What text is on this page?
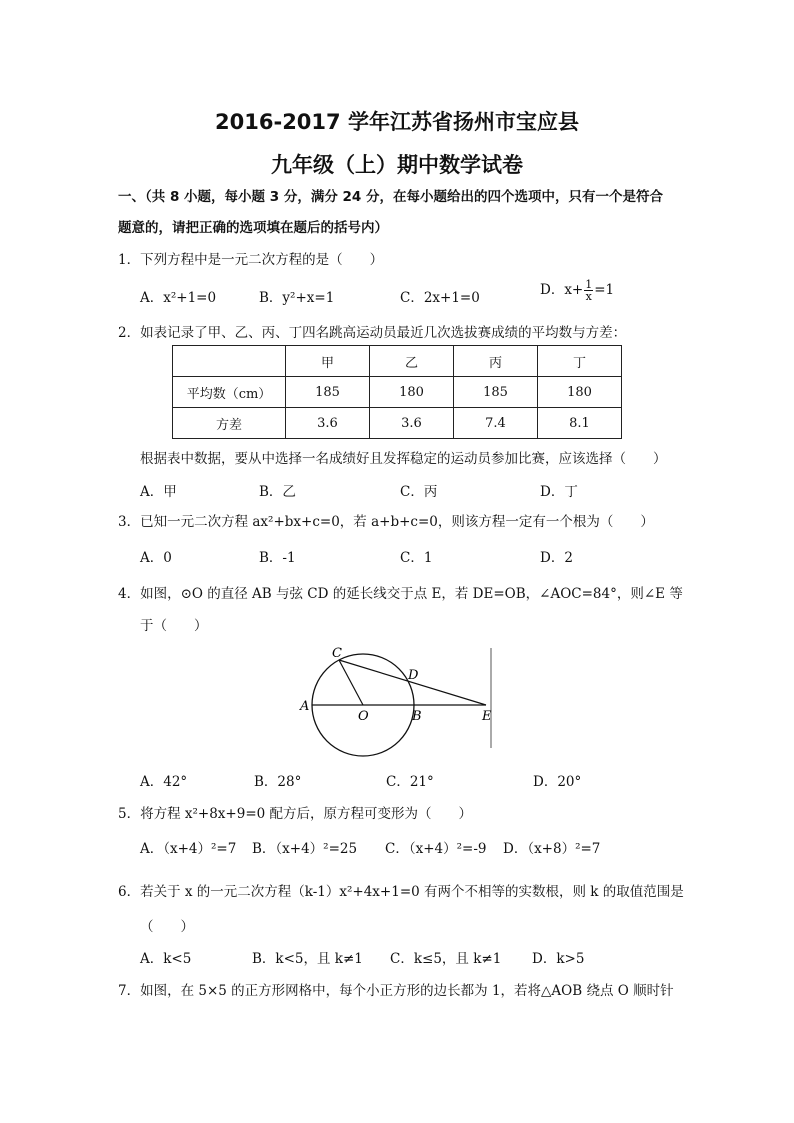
2016-2017 学年江苏省扬州市宝应县
九年级（上）期中数学试卷
一、（共 8 小题，每小题 3 分，满分 24 分，在每小题给出的四个选项中，只有一个是符合
题意的，请把正确的选项填在题后的括号内）
1．下列方程中是一元二次方程的是（　　）
A．x²+1=0	B．y²+x=1	C．2x+1=0	D．$x+ \frac{1}{x} =1$
2．如表记录了甲、乙、丙、丁四名跳高运动员最近几次选拔赛成绩的平均数与方差：
	甲	乙	丙	丁
平均数（cm）	185	180	185	180
方差	3.6	3.6	7.4	8.1
根据表中数据，要从中选择一名成绩好且发挥稳定的运动员参加比赛，应该选择（　　）
A．甲	B．乙	C．丙	D．丁
3．已知一元二次方程 ax²+bx+c=0，若 a+b+c=0，则该方程一定有一个根为（　　）
A．0	B．-1	C．1	D．2
4．如图，⊙O 的直径 AB 与弦 CD 的延长线交于点 E，若 DE=OB，∠AOC=84°，则∠E 等
于（　　）
C
D
A
O	B	E
A．42°	B．28°	C．21°	D．20°
5．将方程 x²+8x+9=0 配方后，原方程可变形为（　　）
A．（x+4）²=7 B．（x+4）²=25 C．（x+4）²=-9 D．（x+8）²=7
6．若关于 x 的一元二次方程（k-1）x²+4x+1=0 有两个不相等的实数根，则 k 的取值范围是
（　　）
A．k<5	B．k<5，且 k≠1 C．k≤5，且 k≠1 D．k>5
7．如图，在 5×5 的正方形网格中，每个小正方形的边长都为 1，若将△AOB 绕点 O 顺时针
